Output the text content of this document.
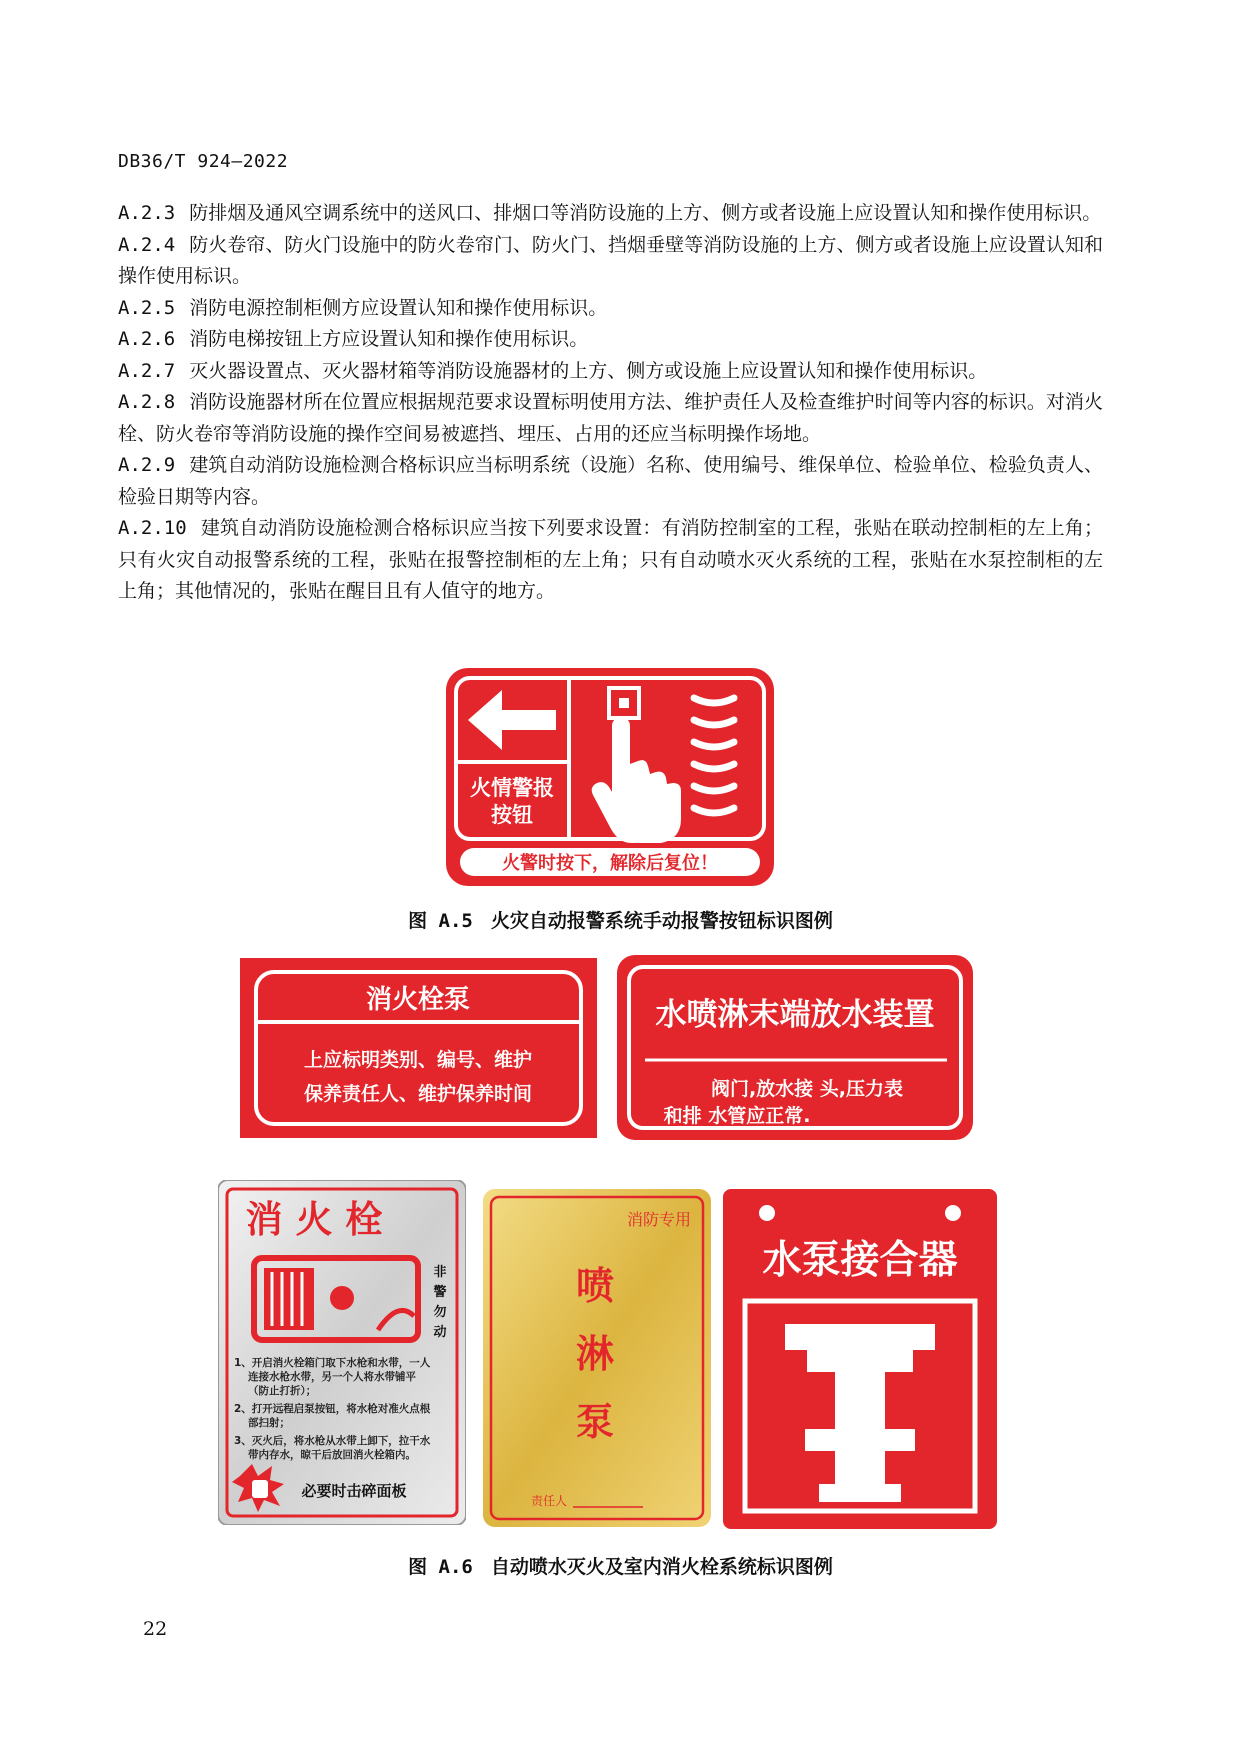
DB36/T 924—2022

A.2.3 防排烟及通风空调系统中的送风口、排烟口等消防设施的上方、侧方或者设施上应设置认知和操作使用标识。

A.2.4 防火卷帘、防火门设施中的防火卷帘门、防火门、挡烟垂壁等消防设施的上方、侧方或者设施上应设置认知和操作使用标识。

A.2.5 消防电源控制柜侧方应设置认知和操作使用标识。

A.2.6 消防电梯按钮上方应设置认知和操作使用标识。

A.2.7 灭火器设置点、灭火器材箱等消防设施器材的上方、侧方或设施上应设置认知和操作使用标识。

A.2.8 消防设施器材所在位置应根据规范要求设置标明使用方法、维护责任人及检查维护时间等内容的标识。对消火栓、防火卷帘等消防设施的操作空间易被遮挡、埋压、占用的还应当标明操作场地。

A.2.9 建筑自动消防设施检测合格标识应当标明系统（设施）名称、使用编号、维保单位、检验单位、检验负责人、检验日期等内容。

A.2.10 建筑自动消防设施检测合格标识应当按下列要求设置：有消防控制室的工程，张贴在联动控制柜的左上角；只有火灾自动报警系统的工程，张贴在报警控制柜的左上角；只有自动喷水灭火系统的工程，张贴在水泵控制柜的左上角；其他情况的，张贴在醒目且有人值守的地方。

火情警报
按钮
火警时按下，解除后复位！
图 A.5 火灾自动报警系统手动报警按钮标识图例
消火栓泵
上应标明类别、编号、维护
保养责任人、维护保养时间
水喷淋末端放水装置
阀门,放水接 头,压力表
和排 水管应正常.
消 火 栓
非
警
勿
动
1、开启消火栓箱门取下水枪和水带，一人
连接水枪水带，另一个人将水带铺平
（防止打折）；
2、打开远程启泵按钮，将水枪对准火点根
部扫射；
3、灭火后，将水枪从水带上卸下，拉干水
带内存水，晾干后放回消火栓箱内。
必要时击碎面板
消防专用
喷
淋
泵
责任人
水泵接合器
图 A.6 自动喷水灭火及室内消火栓系统标识图例
22
